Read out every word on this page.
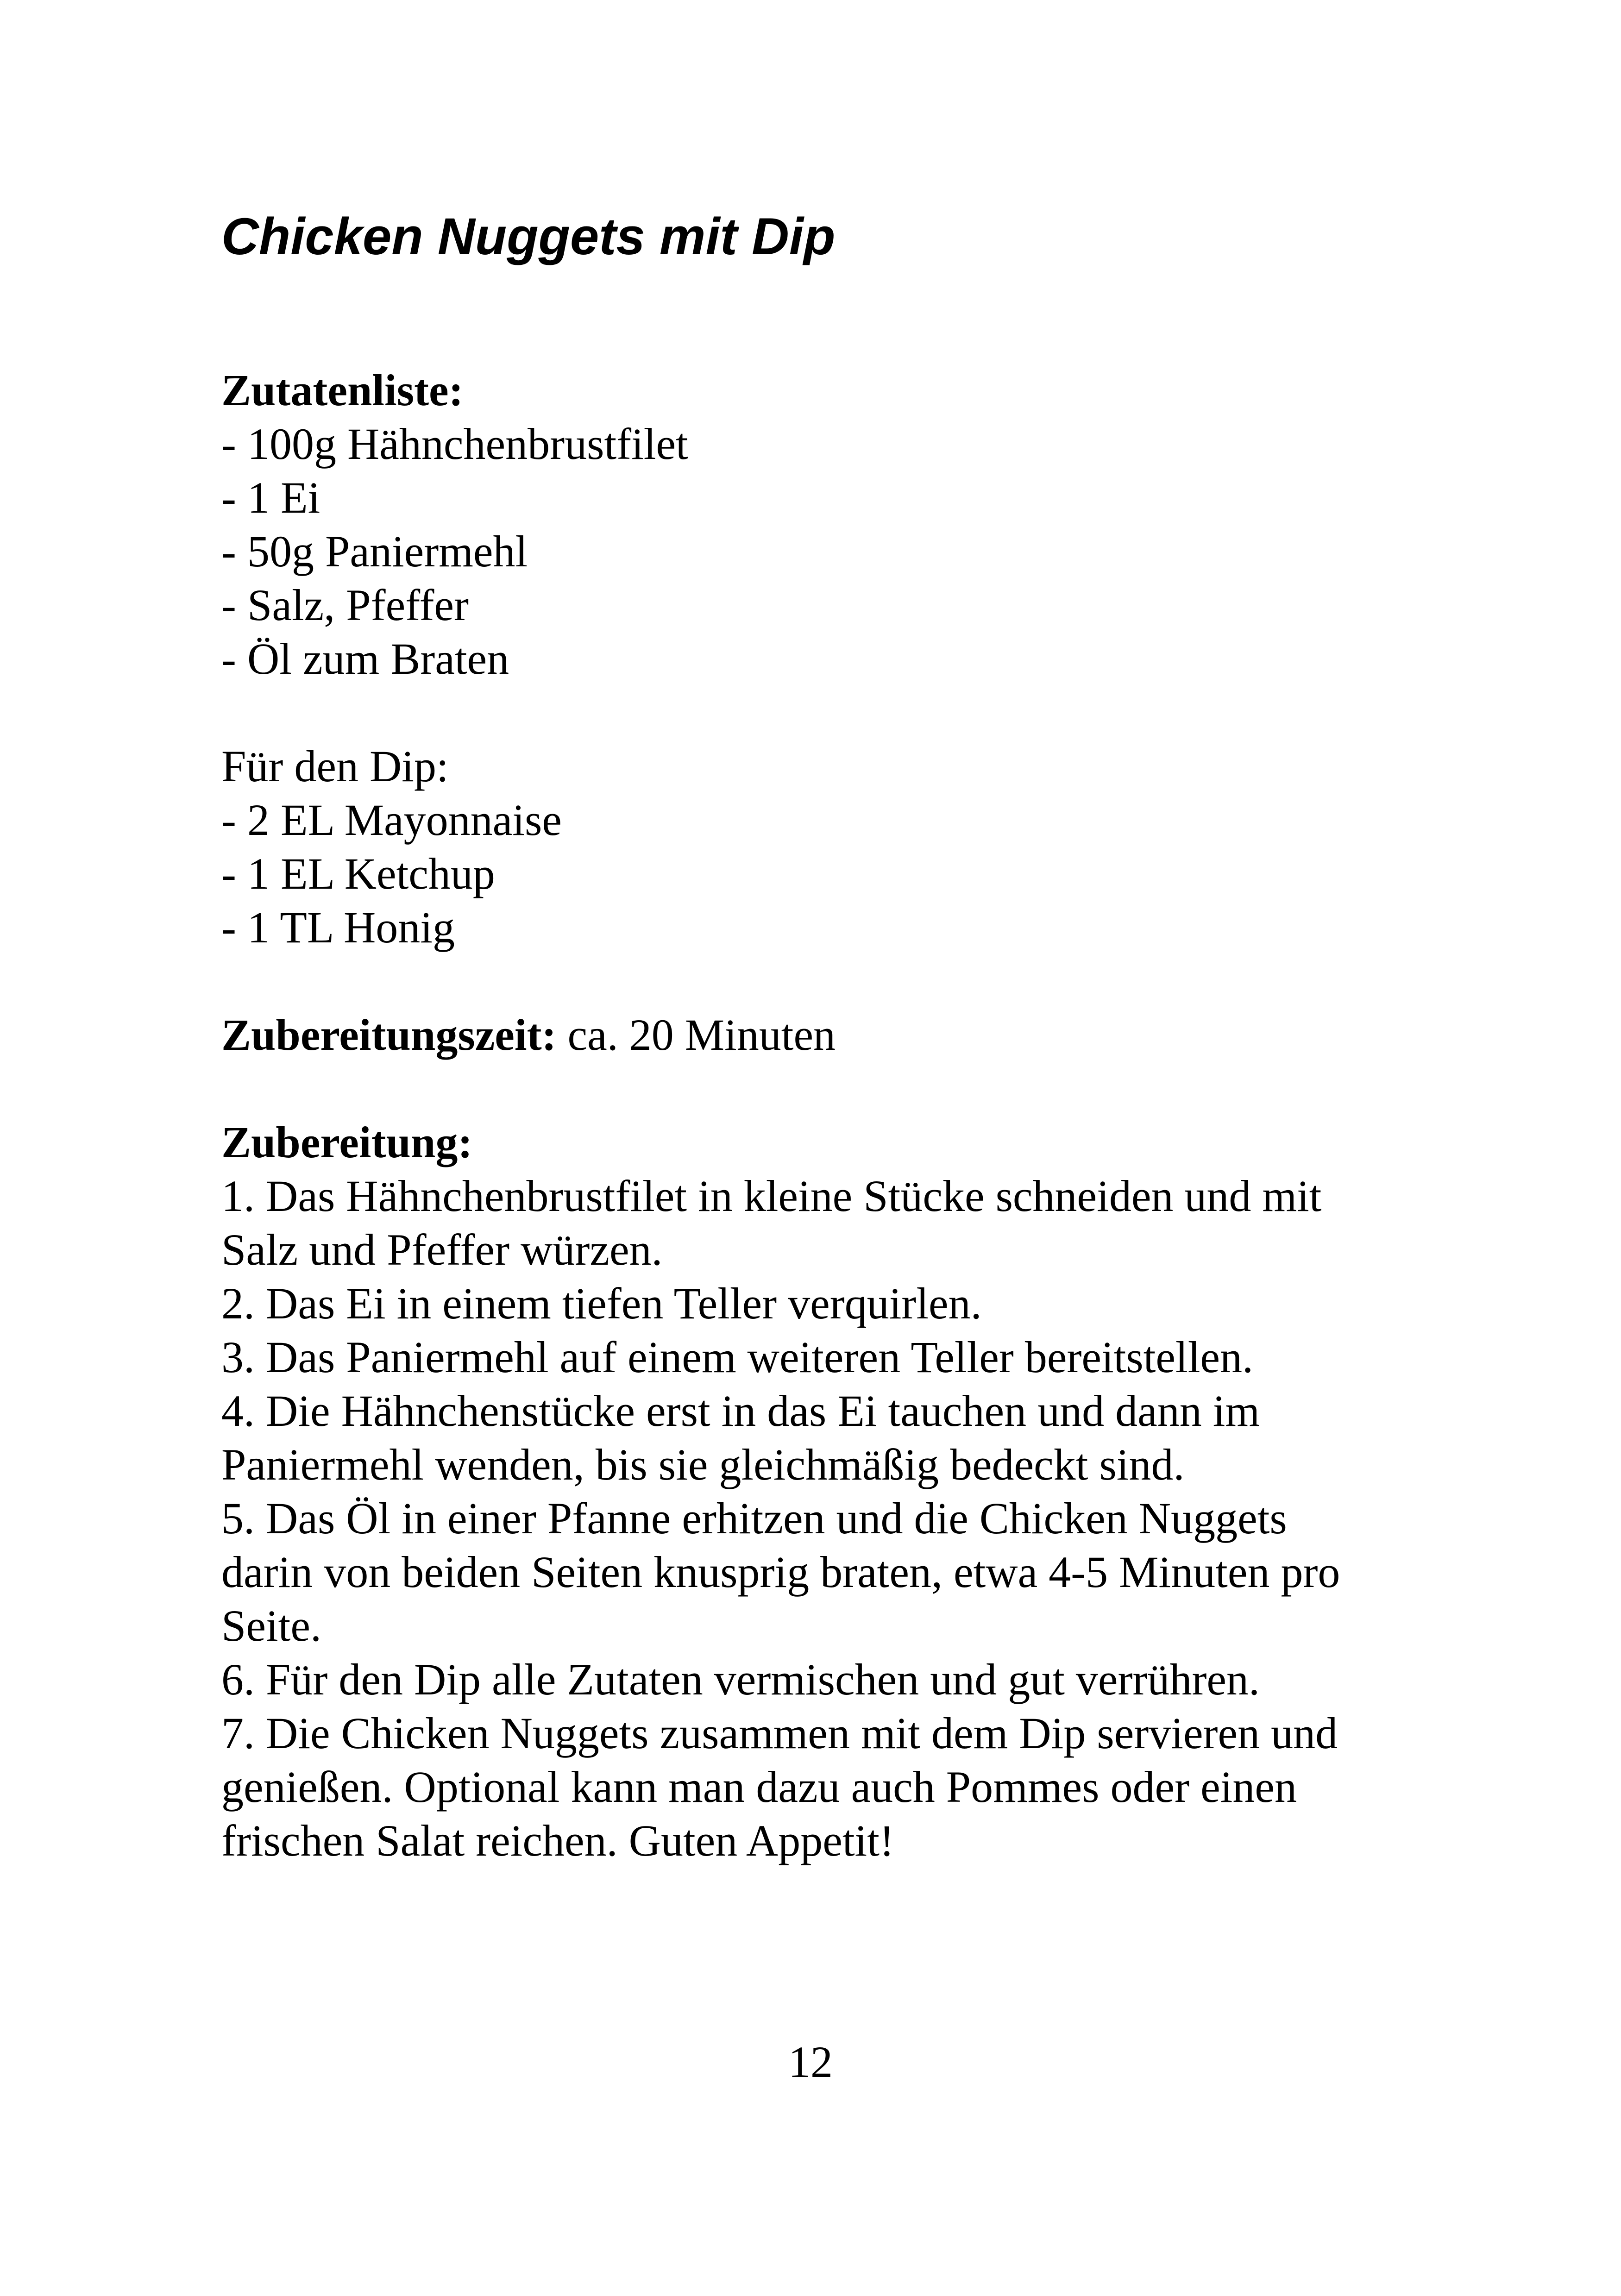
Chicken Nuggets mit Dip
Zutatenliste:
- 100g Hähnchenbrustfilet
- 1 Ei
- 50g Paniermehl
- Salz, Pfeffer
- Öl zum Braten
Für den Dip:
- 2 EL Mayonnaise
- 1 EL Ketchup
- 1 TL Honig
Zubereitungszeit: ca. 20 Minuten
Zubereitung:
1. Das Hähnchenbrustfilet in kleine Stücke schneiden und mit
Salz und Pfeffer würzen.
2. Das Ei in einem tiefen Teller verquirlen.
3. Das Paniermehl auf einem weiteren Teller bereitstellen.
4. Die Hähnchenstücke erst in das Ei tauchen und dann im
Paniermehl wenden, bis sie gleichmäßig bedeckt sind.
5. Das Öl in einer Pfanne erhitzen und die Chicken Nuggets
darin von beiden Seiten knusprig braten, etwa 4-5 Minuten pro
Seite.
6. Für den Dip alle Zutaten vermischen und gut verrühren.
7. Die Chicken Nuggets zusammen mit dem Dip servieren und
genießen. Optional kann man dazu auch Pommes oder einen
frischen Salat reichen. Guten Appetit!
12
